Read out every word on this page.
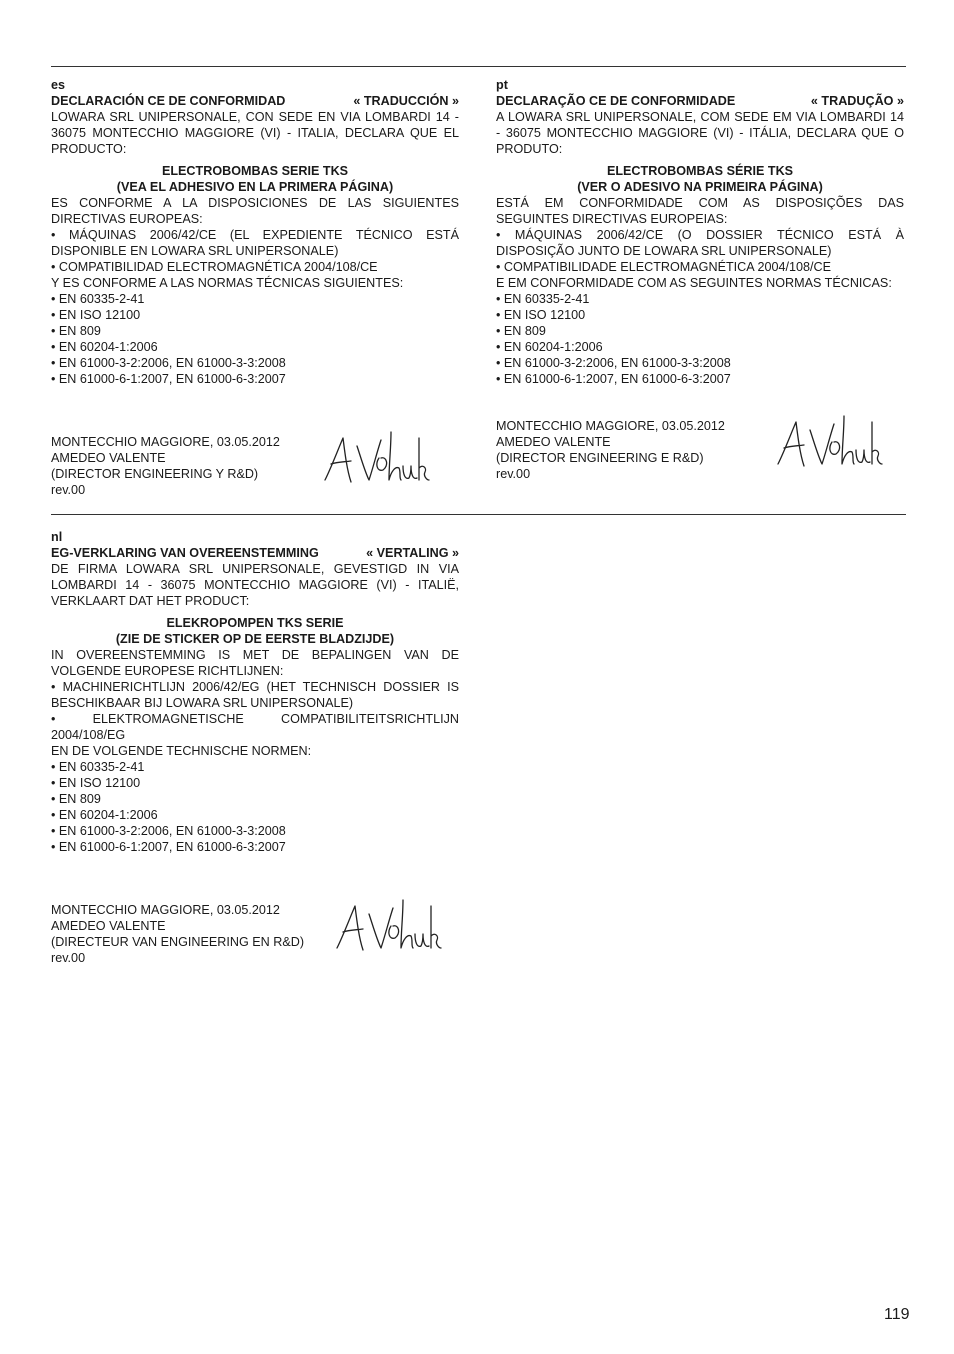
es
DECLARACIÓN CE DE CONFORMIDAD	« TRADUCCIÓN »
LOWARA SRL UNIPERSONALE, CON SEDE EN VIA LOMBARDI 14 - 36075 MONTECCHIO MAGGIORE (VI) - ITALIA, DECLARA QUE EL PRODUCTO:
ELECTROBOMBAS SERIE TKS
(VEA EL ADHESIVO EN LA PRIMERA PÁGINA)
ES CONFORME A LA DISPOSICIONES DE LAS SIGUIENTES DIRECTIVAS EUROPEAS:
• MÁQUINAS 2006/42/CE (EL EXPEDIENTE TÉCNICO ESTÁ DISPONIBLE EN LOWARA SRL UNIPERSONALE)
• COMPATIBILIDAD ELECTROMAGNÉTICA 2004/108/CE
Y ES CONFORME A LAS NORMAS TÉCNICAS SIGUIENTES:
• EN 60335-2-41
• EN ISO 12100
• EN 809
• EN 60204-1:2006
• EN 61000-3-2:2006, EN 61000-3-3:2008
• EN 61000-6-1:2007, EN 61000-6-3:2007
MONTECCHIO MAGGIORE, 03.05.2012
AMEDEO VALENTE
(DIRECTOR ENGINEERING Y R&D)
rev.00
pt
DECLARAÇÃO CE DE CONFORMIDADE	« TRADUÇÃO »
A LOWARA SRL UNIPERSONALE, COM SEDE EM VIA LOMBARDI 14 - 36075 MONTECCHIO MAGGIORE (VI) - ITÁLIA, DECLARA QUE O PRODUTO:
ELECTROBOMBAS SÉRIE TKS
(VER O ADESIVO NA PRIMEIRA PÁGINA)
ESTÁ EM CONFORMIDADE COM AS DISPOSIÇÕES DAS SEGUINTES DIRECTIVAS EUROPEIAS:
• MÁQUINAS 2006/42/CE (O DOSSIER TÉCNICO ESTÁ À DISPOSIÇÃO JUNTO DE LOWARA SRL UNIPERSONALE)
• COMPATIBILIDADE ELECTROMAGNÉTICA 2004/108/CE
E EM CONFORMIDADE COM AS SEGUINTES NORMAS TÉCNICAS:
• EN 60335-2-41
• EN ISO 12100
• EN 809
• EN 60204-1:2006
• EN 61000-3-2:2006, EN 61000-3-3:2008
• EN 61000-6-1:2007, EN 61000-6-3:2007
MONTECCHIO MAGGIORE, 03.05.2012
AMEDEO VALENTE
(DIRECTOR ENGINEERING E R&D)
rev.00
nl
EG-VERKLARING VAN OVEREENSTEMMING	« VERTALING »
DE FIRMA LOWARA SRL UNIPERSONALE, GEVESTIGD IN VIA LOMBARDI 14 - 36075 MONTECCHIO MAGGIORE (VI) - ITALIË, VERKLAART DAT HET PRODUCT:
ELEKROPOMPEN TKS SERIE
(ZIE DE STICKER OP DE EERSTE BLADZIJDE)
IN OVEREENSTEMMING IS MET DE BEPALINGEN VAN DE VOLGENDE EUROPESE RICHTLIJNEN:
• MACHINERICHTLIJN 2006/42/EG (HET TECHNISCH DOSSIER IS BESCHIKBAAR BIJ LOWARA SRL UNIPERSONALE)
• ELEKTROMAGNETISCHE COMPATIBILITEITSRICHTLIJN 2004/108/EG
EN DE VOLGENDE TECHNISCHE NORMEN:
• EN 60335-2-41
• EN ISO 12100
• EN 809
• EN 60204-1:2006
• EN 61000-3-2:2006, EN 61000-3-3:2008
• EN 61000-6-1:2007, EN 61000-6-3:2007
MONTECCHIO MAGGIORE, 03.05.2012
AMEDEO VALENTE
(DIRECTEUR VAN ENGINEERING EN R&D)
rev.00
119
